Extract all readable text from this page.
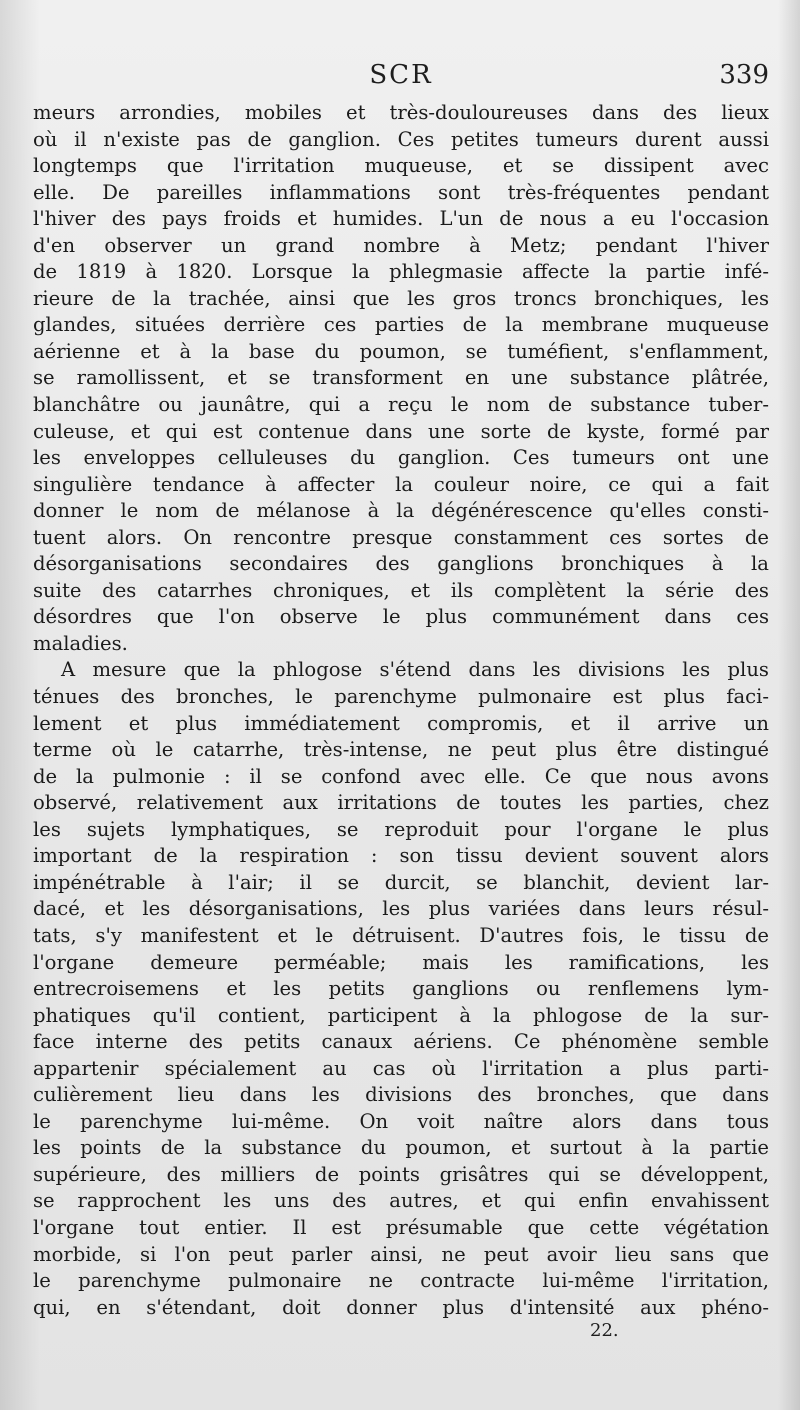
SCR	339
meurs arrondies, mobiles et très-douloureuses dans des lieux
où il n'existe pas de ganglion. Ces petites tumeurs durent aussi
longtemps que l'irritation muqueuse, et se dissipent avec
elle. De pareilles inflammations sont très-fréquentes pendant
l'hiver des pays froids et humides. L'un de nous a eu l'occasion
d'en observer un grand nombre à Metz; pendant l'hiver
de 1819 à 1820. Lorsque la phlegmasie affecte la partie infé-
rieure de la trachée, ainsi que les gros troncs bronchiques, les
glandes, situées derrière ces parties de la membrane muqueuse
aérienne et à la base du poumon, se tuméfient, s'enflamment,
se ramollissent, et se transforment en une substance plâtrée,
blanchâtre ou jaunâtre, qui a reçu le nom de substance tuber-
culeuse, et qui est contenue dans une sorte de kyste, formé par
les enveloppes celluleuses du ganglion. Ces tumeurs ont une
singulière tendance à affecter la couleur noire, ce qui a fait
donner le nom de mélanose à la dégénérescence qu'elles consti-
tuent alors. On rencontre presque constamment ces sortes de
désorganisations secondaires des ganglions bronchiques à la
suite des catarrhes chroniques, et ils complètent la série des
désordres que l'on observe le plus communément dans ces
maladies.
A mesure que la phlogose s'étend dans les divisions les plus
ténues des bronches, le parenchyme pulmonaire est plus faci-
lement et plus immédiatement compromis, et il arrive un
terme où le catarrhe, très-intense, ne peut plus être distingué
de la pulmonie : il se confond avec elle. Ce que nous avons
observé, relativement aux irritations de toutes les parties, chez
les sujets lymphatiques, se reproduit pour l'organe le plus
important de la respiration : son tissu devient souvent alors
impénétrable à l'air; il se durcit, se blanchit, devient lar-
dacé, et les désorganisations, les plus variées dans leurs résul-
tats, s'y manifestent et le détruisent. D'autres fois, le tissu de
l'organe demeure perméable; mais les ramifications, les
entrecroisemens et les petits ganglions ou renflemens lym-
phatiques qu'il contient, participent à la phlogose de la sur-
face interne des petits canaux aériens. Ce phénomène semble
appartenir spécialement au cas où l'irritation a plus parti-
culièrement lieu dans les divisions des bronches, que dans
le parenchyme lui-même. On voit naître alors dans tous
les points de la substance du poumon, et surtout à la partie
supérieure, des milliers de points grisâtres qui se développent,
se rapprochent les uns des autres, et qui enfin envahissent
l'organe tout entier. Il est présumable que cette végétation
morbide, si l'on peut parler ainsi, ne peut avoir lieu sans que
le parenchyme pulmonaire ne contracte lui-même l'irritation,
qui, en s'étendant, doit donner plus d'intensité aux phéno-
22.
